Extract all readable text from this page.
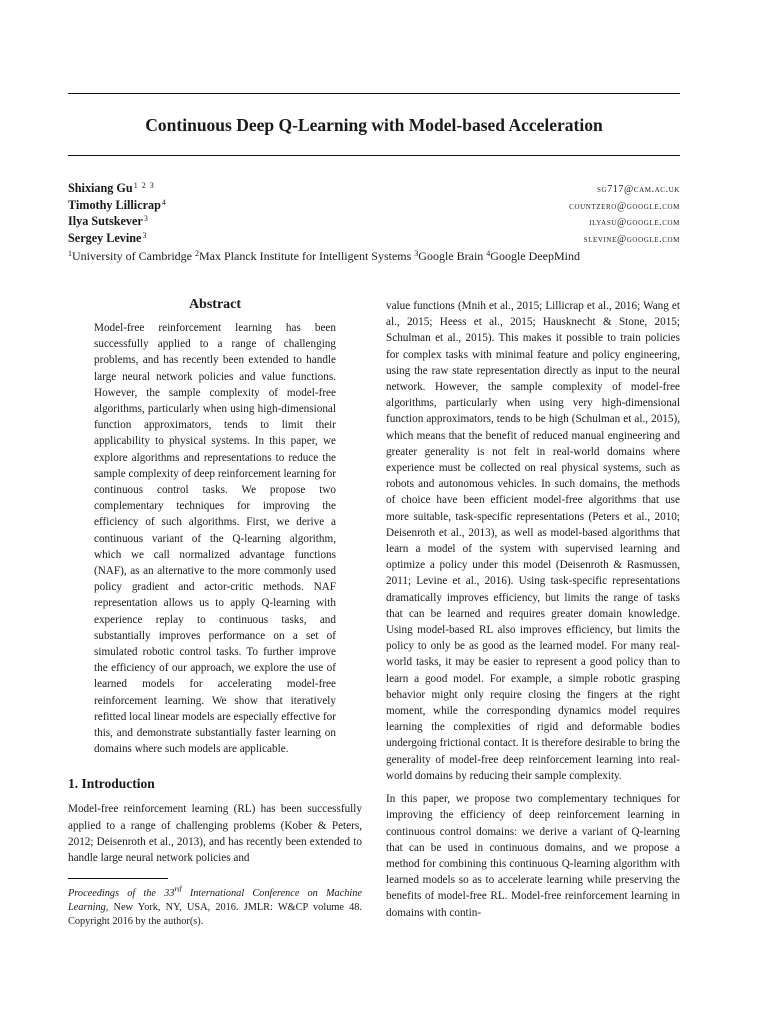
Continuous Deep Q-Learning with Model-based Acceleration
Shixiang $Gu^{1 2 3}$	sg717@cam.ac.uk
Timothy Lillicrap$^4$	countzero@google.com
Ilya Sutskever$^3$	ilyasu@google.com
Sergey Levine$^3$	slevine@google.com
$^1$University of Cambridge $^2$Max Planck Institute for Intelligent Systems $^3$Google Brain $^4$Google DeepMind
Abstract

Model-free reinforcement learning has been successfully applied to a range of challenging problems, and has recently been extended to handle large neural network policies and value functions. However, the sample complexity of model-free algorithms, particularly when using high-dimensional function approximators, tends to limit their applicability to physical systems. In this paper, we explore algorithms and representations to reduce the sample complexity of deep reinforcement learning for continuous control tasks. We propose two complementary techniques for improving the efficiency of such algorithms. First, we derive a continuous variant of the Q-learning algorithm, which we call normalized advantage functions (NAF), as an alternative to the more commonly used policy gradient and actor-critic methods. NAF representation allows us to apply Q-learning with experience replay to continuous tasks, and substantially improves performance on a set of simulated robotic control tasks. To further improve the efficiency of our approach, we explore the use of learned models for accelerating model-free reinforcement learning. We show that iteratively refitted local linear models are especially effective for this, and demonstrate substantially faster learning on domains where such models are applicable.

1. Introduction

Model-free reinforcement learning (RL) has been successfully applied to a range of challenging problems (Kober & Peters, 2012; Deisenroth et al., 2013), and has recently been extended to handle large neural network policies and

value functions (Mnih et al., 2015; Lillicrap et al., 2016; Wang et al., 2015; Heess et al., 2015; Hausknecht & Stone, 2015; Schulman et al., 2015). This makes it possible to train policies for complex tasks with minimal feature and policy engineering, using the raw state representation directly as input to the neural network. However, the sample complexity of model-free algorithms, particularly when using very high-dimensional function approximators, tends to be high (Schulman et al., 2015), which means that the benefit of reduced manual engineering and greater generality is not felt in real-world domains where experience must be collected on real physical systems, such as robots and autonomous vehicles. In such domains, the methods of choice have been efficient model-free algorithms that use more suitable, task-specific representations (Peters et al., 2010; Deisenroth et al., 2013), as well as model-based algorithms that learn a model of the system with supervised learning and optimize a policy under this model (Deisenroth & Rasmussen, 2011; Levine et al., 2016). Using task-specific representations dramatically improves efficiency, but limits the range of tasks that can be learned and requires greater domain knowledge. Using model-based RL also improves efficiency, but limits the policy to only be as good as the learned model. For many real-world tasks, it may be easier to represent a good policy than to learn a good model. For example, a simple robotic grasping behavior might only require closing the fingers at the right moment, while the corresponding dynamics model requires learning the complexities of rigid and deformable bodies undergoing frictional contact. It is therefore desirable to bring the generality of model-free deep reinforcement learning into real-world domains by reducing their sample complexity.

In this paper, we propose two complementary techniques for improving the efficiency of deep reinforcement learning in continuous control domains: we derive a variant of Q-learning that can be used in continuous domains, and we propose a method for combining this continuous Q-learning algorithm with learned models so as to accelerate learning while preserving the benefits of model-free RL. Model-free reinforcement learning in domains with contin-

Proceedings of the 33rd International Conference on Machine Learning, New York, NY, USA, 2016. JMLR: W&CP volume 48. Copyright 2016 by the author(s).
